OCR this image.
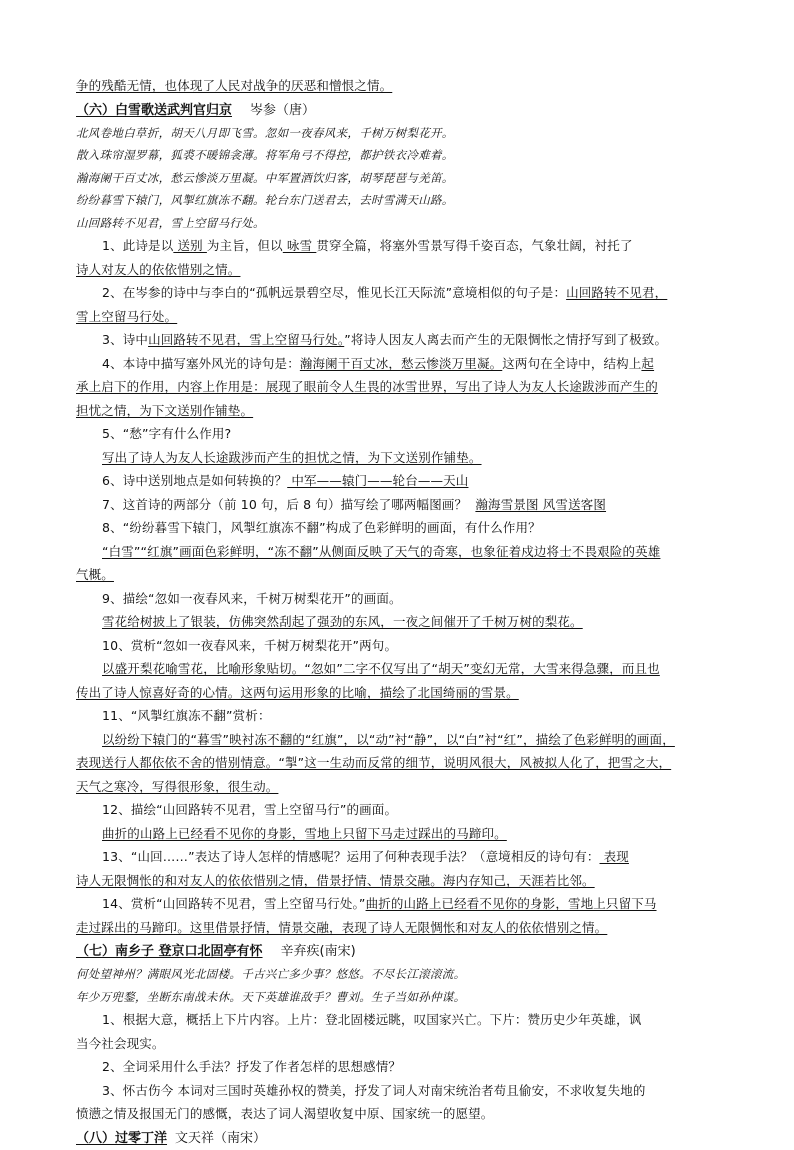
争的残酷无情，也体现了人民对战争的厌恶和憎恨之情。
（六）白雪歌送武判官归京 岑参（唐）
北风卷地白草折，胡天八月即飞雪。忽如一夜春风来，千树万树梨花开。
散入珠帘湿罗幕，狐裘不暖锦衾薄。将军角弓不得控，都护铁衣冷难着。
瀚海阑干百丈冰，愁云惨淡万里凝。中军置酒饮归客，胡琴琵琶与羌笛。
纷纷暮雪下辕门，风掣红旗冻不翻。轮台东门送君去，去时雪满天山路。
山回路转不见君，雪上空留马行处。
1、此诗是以 送别 为主旨，但以 咏雪 贯穿全篇，将塞外雪景写得千姿百态，气象壮阔，衬托了
诗人对友人的依依惜别之情。
2、在岑参的诗中与李白的“孤帆远景碧空尽，惟见长江天际流”意境相似的句子是：山回路转不见君，
雪上空留马行处。
3、诗中山回路转不见君，雪上空留马行处。”将诗人因友人离去而产生的无限惆怅之情抒写到了极致。
4、本诗中描写塞外风光的诗句是：瀚海阑干百丈冰，愁云惨淡万里凝。这两句在全诗中，结构上起
承上启下的作用，内容上作用是：展现了眼前令人生畏的冰雪世界，写出了诗人为友人长途跋涉而产生的
担忧之情，为下文送别作铺垫。
5、“愁”字有什么作用?
写出了诗人为友人长途跋涉而产生的担忧之情，为下文送别作铺垫。
6、诗中送别地点是如何转换的？ 中军——辕门——轮台——天山
7、这首诗的两部分（前 10 句，后 8 句）描写绘了哪两幅图画？ 瀚海雪景图 风雪送客图
8、“纷纷暮雪下辕门，风掣红旗冻不翻”构成了色彩鲜明的画面，有什么作用？
“白雪”“红旗”画面色彩鲜明，“冻不翻”从侧面反映了天气的奇寒，也象征着戍边将士不畏艰险的英雄
气概。
9、描绘“忽如一夜春风来，千树万树梨花开”的画面。
雪花给树披上了银装，仿佛突然刮起了强劲的东风，一夜之间催开了千树万树的梨花。
10、赏析“忽如一夜春风来，千树万树梨花开”两句。
以盛开梨花喻雪花，比喻形象贴切。“忽如”二字不仅写出了“胡天”变幻无常，大雪来得急骤，而且也
传出了诗人惊喜好奇的心情。这两句运用形象的比喻，描绘了北国绮丽的雪景。
11、“风掣红旗冻不翻”赏析：
以纷纷下辕门的“暮雪”映衬冻不翻的“红旗”，以“动”衬“静”，以“白”衬“红”，描绘了色彩鲜明的画面，
表现送行人都依依不舍的惜别情意。“掣”这一生动而反常的细节，说明风很大，风被拟人化了，把雪之大，
天气之寒冷，写得很形象，很生动。
12、描绘“山回路转不见君，雪上空留马行”的画面。
曲折的山路上已经看不见你的身影，雪地上只留下马走过踩出的马蹄印。
13、“山回……”表达了诗人怎样的情感呢？运用了何种表现手法？（意境相反的诗句有： 表现
诗人无限惆怅的和对友人的依依惜别之情，借景抒情、情景交融。海内存知己，天涯若比邻。
14、赏析“山回路转不见君，雪上空留马行处。”曲折的山路上已经看不见你的身影，雪地上只留下马
走过踩出的马蹄印。这里借景抒情，情景交融，表现了诗人无限惆怅和对友人的依依惜别之情。
（七）南乡子 登京口北固亭有怀 辛弃疾(南宋)
何处望神州？满眼风光北固楼。千古兴亡多少事？悠悠。不尽长江滚滚流。
年少万兜鍪，坐断东南战未休。天下英雄谁敌手？曹刘。生子当如孙仲谋。
1、根据大意，概括上下片内容。上片：登北固楼远眺，叹国家兴亡。下片：赞历史少年英雄，讽
当今社会现实。
2、全词采用什么手法？抒发了作者怎样的思想感情？
3、怀古伤今 本词对三国时英雄孙权的赞美，抒发了词人对南宋统治者苟且偷安，不求收复失地的
愤懑之情及报国无门的感慨，表达了词人渴望收复中原、国家统一的愿望。
（八）过零丁洋 文天祥（南宋）
